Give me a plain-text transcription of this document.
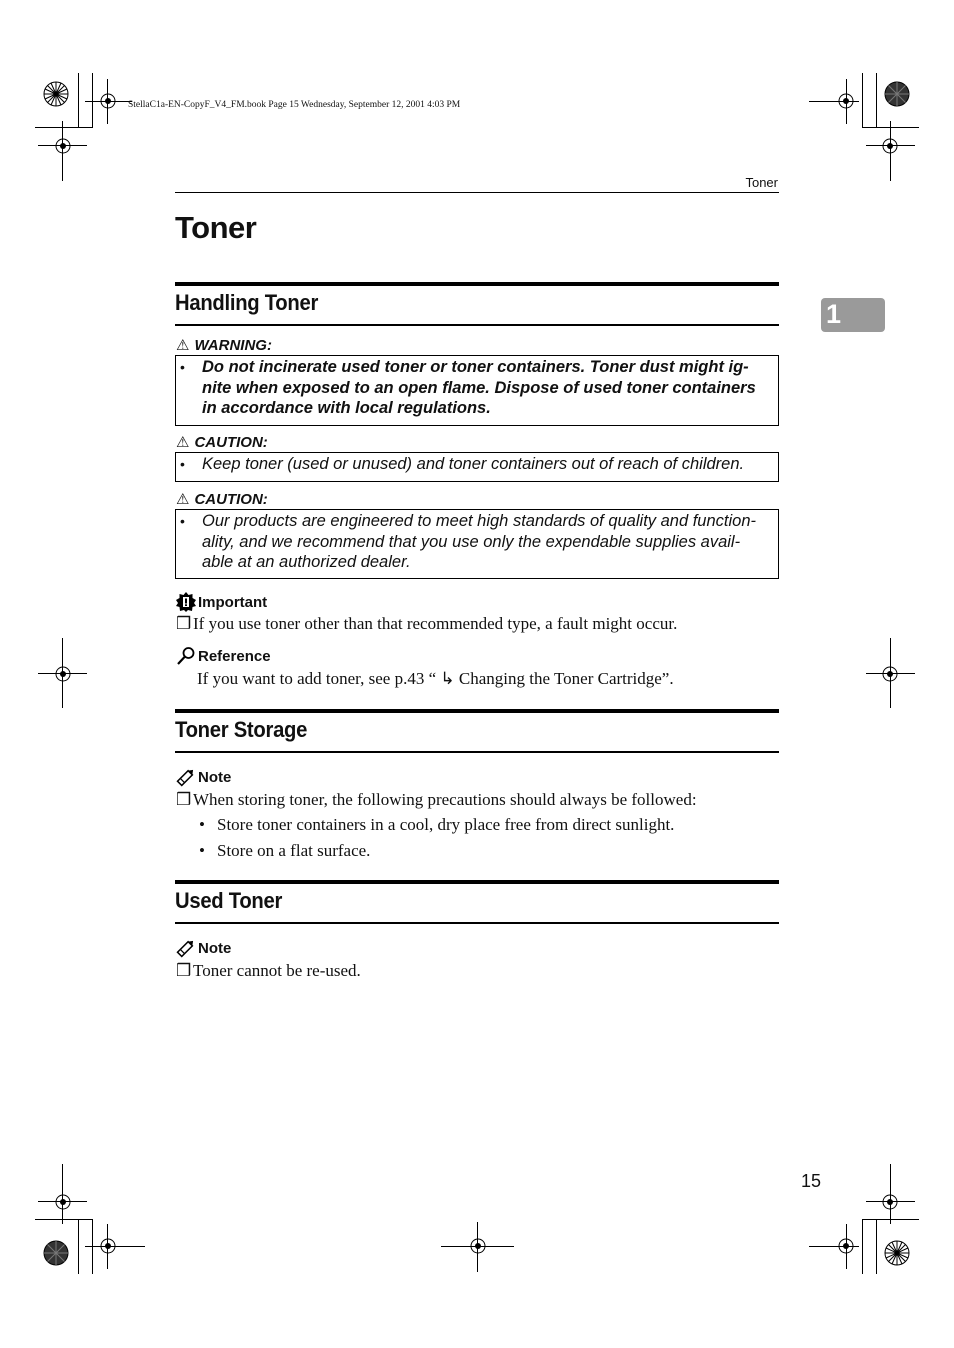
StellaC1a-EN-CopyF_V4_FM.book Page 15 Wednesday, September 12, 2001 4:03 PM
Toner
1
Toner
Handling Toner
⚠ WARNING:
• Do not incinerate used toner or toner containers. Toner dust might ig- nite when exposed to an open flame. Dispose of used toner containers in accordance with local regulations.
⚠ CAUTION:
• Keep toner (used or unused) and toner containers out of reach of children.
⚠ CAUTION:
• Our products are engineered to meet high standards of quality and function- ality, and we recommend that you use only the expendable supplies avail- able at an authorized dealer.
Important
❒ If you use toner other than that recommended type, a fault might occur.
Reference
If you want to add toner, see p.43 “ ↳ Changing the Toner Cartridge”.
Toner Storage
Note
❒ When storing toner, the following precautions should always be followed:
• Store toner containers in a cool, dry place free from direct sunlight.
• Store on a flat surface.
Used Toner
Note
❒ Toner cannot be re-used.
15
